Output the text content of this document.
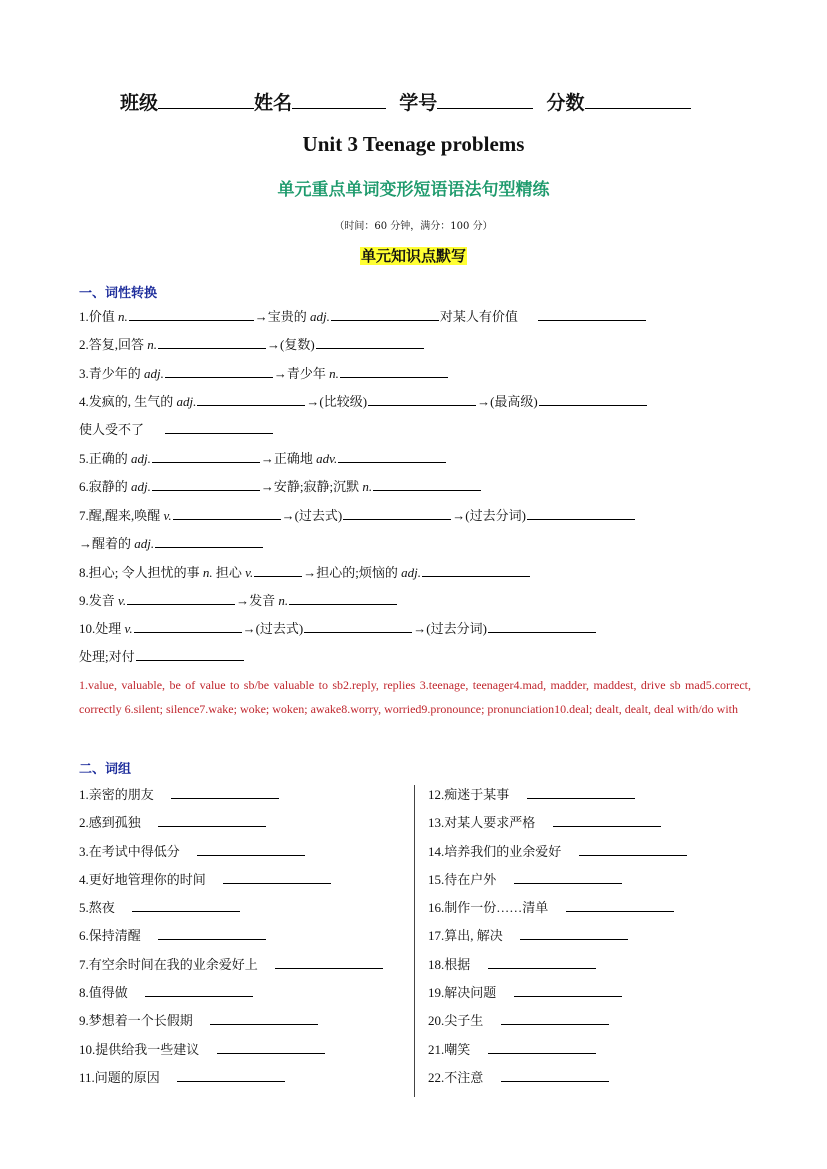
班级	姓名	学号	分数
Unit 3 Teenage problems
单元重点单词变形短语语法句型精练
（时间：60 分钟，满分：100 分）
单元知识点默写
一、词性转换
1.价值 n.	→宝贵的 adj.	对某人有价值
2.答复,回答 n.	→(复数)
3.青少年的 adj.	→青少年 n.
4.发疯的, 生气的 adj.	→(比较级)	→(最高级)
使人受不了
5.正确的 adj.	→正确地 adv.
6.寂静的 adj.	→安静;寂静;沉默 n.
7.醒,醒来,唤醒 v.	→(过去式)	→(过去分词)
→醒着的 adj.
8.担心; 令人担忧的事 n. 担心 v.	→担心的;烦恼的 adj.
9.发音 v.	→发音 n.
10.处理 v.	→(过去式)	→(过去分词)
处理;对付
1.value, valuable, be of value to sb/be valuable to sb2.reply, replies 3.teenage, teenager4.mad, madder, maddest, drive sb mad5.correct, correctly 6.silent; silence7.wake; woke; woken; awake8.worry, worried9.pronounce; pronunciation10.deal; dealt, dealt, deal with/do with
二、词组
1.亲密的朋友
2.感到孤独
3.在考试中得低分
4.更好地管理你的时间
5.熬夜
6.保持清醒
7.有空余时间在我的业余爱好上
8.值得做
9.梦想着一个长假期
10.提供给我一些建议
11.问题的原因
12.痴迷于某事
13.对某人要求严格
14.培养我们的业余爱好
15.待在户外
16.制作一份……清单
17.算出, 解决
18.根据
19.解决问题
20.尖子生
21.嘲笑
22.不注意
